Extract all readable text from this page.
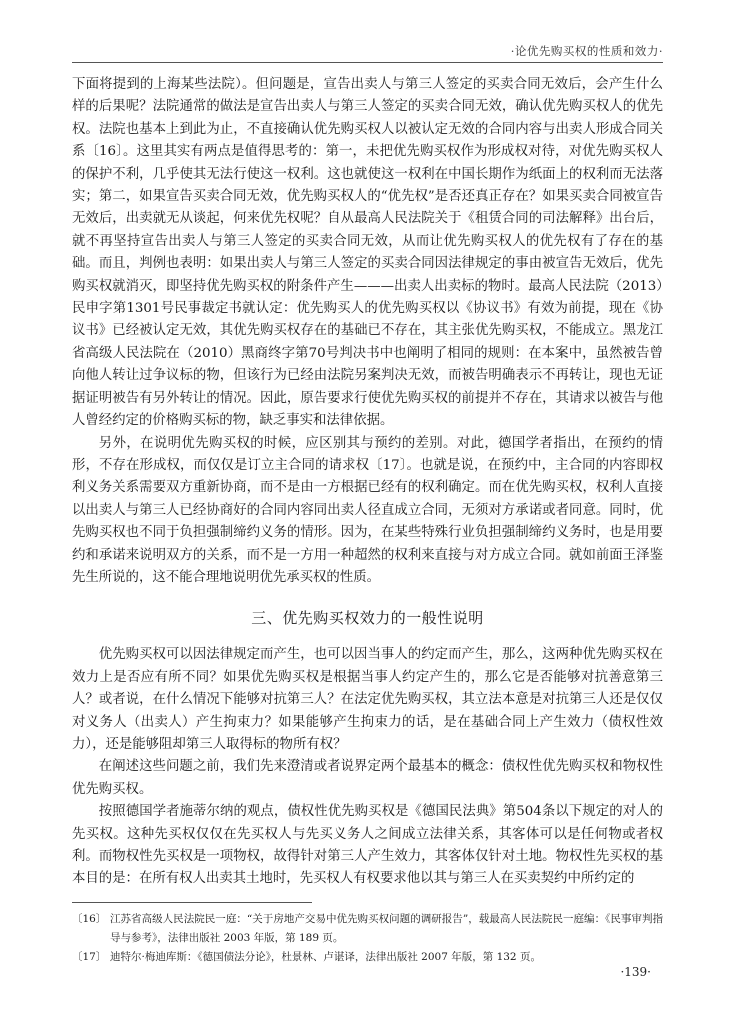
·论优先购买权的性质和效力·

下面将提到的上海某些法院）。但问题是，宣告出卖人与第三人签定的买卖合同无效后，会产生什么样的后果呢？法院通常的做法是宣告出卖人与第三人签定的买卖合同无效，确认优先购买权人的优先权。法院也基本上到此为止，不直接确认优先购买权人以被认定无效的合同内容与出卖人形成合同关系〔16〕。这里其实有两点是值得思考的：第一，未把优先购买权作为形成权对待，对优先购买权人的保护不利，几乎使其无法行使这一权利。这也就使这一权利在中国长期作为纸面上的权利而无法落实；第二，如果宣告买卖合同无效，优先购买权人的“优先权”是否还真正存在？如果买卖合同被宣告无效后，出卖就无从谈起，何来优先权呢？自从最高人民法院关于《租赁合同的司法解释》出台后，就不再坚持宣告出卖人与第三人签定的买卖合同无效，从而让优先购买权人的优先权有了存在的基础。而且，判例也表明：如果出卖人与第三人签定的买卖合同因法律规定的事由被宣告无效后，优先购买权就消灭，即坚持优先购买权的附条件产生———出卖人出卖标的物时。最高人民法院（2013）民申字第1301号民事裁定书就认定：优先购买人的优先购买权以《协议书》有效为前提，现在《协议书》已经被认定无效，其优先购买权存在的基础已不存在，其主张优先购买权，不能成立。黑龙江省高级人民法院在（2010）黑商终字第70号判决书中也阐明了相同的规则：在本案中，虽然被告曾向他人转让过争议标的物，但该行为已经由法院另案判决无效，而被告明确表示不再转让，现也无证据证明被告有另外转让的情况。因此，原告要求行使优先购买权的前提并不存在，其请求以被告与他人曾经约定的价格购买标的物，缺乏事实和法律依据。

另外，在说明优先购买权的时候，应区别其与预约的差别。对此，德国学者指出，在预约的情形，不存在形成权，而仅仅是订立主合同的请求权〔17〕。也就是说，在预约中，主合同的内容即权利义务关系需要双方重新协商，而不是由一方根据已经有的权利确定。而在优先购买权，权利人直接以出卖人与第三人已经协商好的合同内容同出卖人径直成立合同，无须对方承诺或者同意。同时，优先购买权也不同于负担强制缔约义务的情形。因为，在某些特殊行业负担强制缔约义务时，也是用要约和承诺来说明双方的关系，而不是一方用一种超然的权利来直接与对方成立合同。就如前面王泽鉴先生所说的，这不能合理地说明优先承买权的性质。

三、优先购买权效力的一般性说明

优先购买权可以因法律规定而产生，也可以因当事人的约定而产生，那么，这两种优先购买权在效力上是否应有所不同？如果优先购买权是根据当事人约定产生的，那么它是否能够对抗善意第三人？或者说，在什么情况下能够对抗第三人？在法定优先购买权，其立法本意是对抗第三人还是仅仅对义务人（出卖人）产生拘束力？如果能够产生拘束力的话，是在基础合同上产生效力（债权性效力），还是能够阻却第三人取得标的物所有权？

在阐述这些问题之前，我们先来澄清或者说界定两个最基本的概念：债权性优先购买权和物权性优先购买权。

按照德国学者施蒂尔纳的观点，债权性优先购买权是《德国民法典》第504条以下规定的对人的先买权。这种先买权仅仅在先买权人与先买义务人之间成立法律关系，其客体可以是任何物或者权利。而物权性先买权是一项物权，故得针对第三人产生效力，其客体仅针对土地。物权性先买权的基本目的是：在所有权人出卖其土地时，先买权人有权要求他以其与第三人在买卖契约中所约定的

〔16〕 江苏省高级人民法院民一庭：“关于房地产交易中优先购买权问题的调研报告”，载最高人民法院民一庭编：《民事审判指导与参考》，法律出版社 2003 年版，第 189 页。
〔17〕 迪特尔·梅迪库斯：《德国债法分论》，杜景林、卢谌译，法律出版社 2007 年版，第 132 页。
·139·
